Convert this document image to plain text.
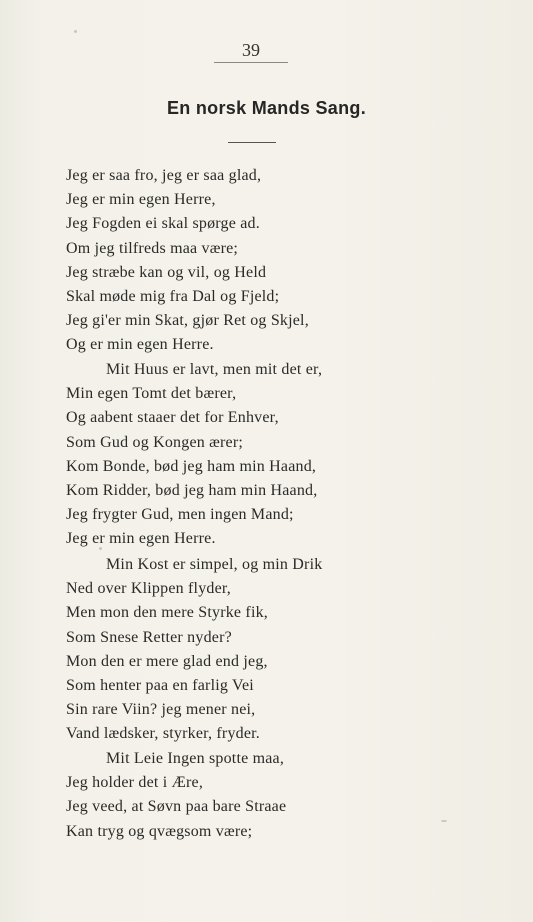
39
En norsk Mands Sang.
Jeg er saa fro, jeg er saa glad,
Jeg er min egen Herre,
Jeg Fogden ei skal spørge ad.
Om jeg tilfreds maa være;
Jeg stræbe kan og vil, og Held
Skal møde mig fra Dal og Fjeld;
Jeg gi'er min Skat, gjør Ret og Skjel,
Og er min egen Herre.
Mit Huus er lavt, men mit det er,
Min egen Tomt det bærer,
Og aabent staaer det for Enhver,
Som Gud og Kongen ærer;
Kom Bonde, bød jeg ham min Haand,
Kom Ridder, bød jeg ham min Haand,
Jeg frygter Gud, men ingen Mand;
Jeg er min egen Herre.
Min Kost er simpel, og min Drik
Ned over Klippen flyder,
Men mon den mere Styrke fik,
Som Snese Retter nyder?
Mon den er mere glad end jeg,
Som henter paa en farlig Vei
Sin rare Viin? jeg mener nei,
Vand lædsker, styrker, fryder.
Mit Leie Ingen spotte maa,
Jeg holder det i Ære,
Jeg veed, at Søvn paa bare Straae
Kan tryg og qvægsom være;
